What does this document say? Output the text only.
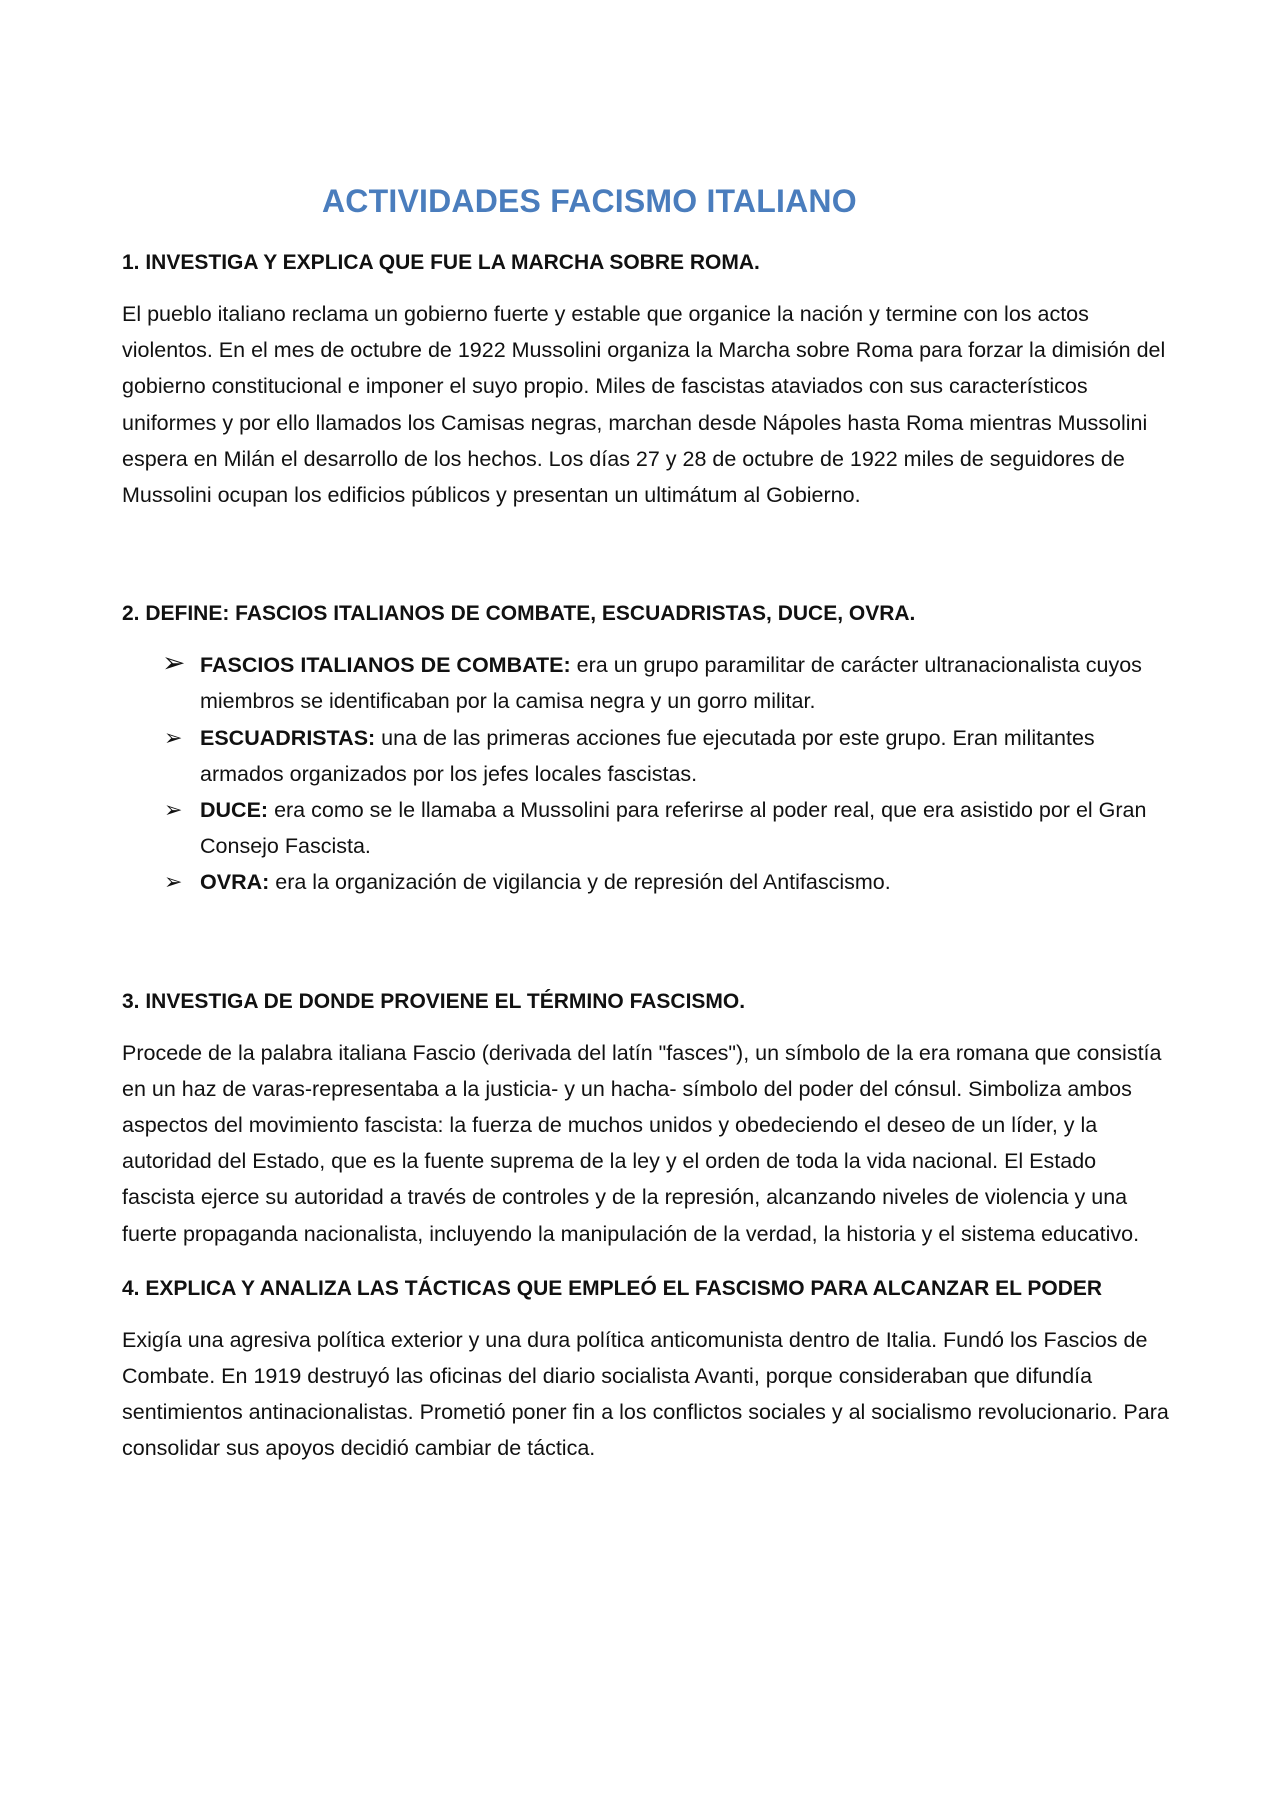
ACTIVIDADES FACISMO ITALIANO
1. INVESTIGA Y EXPLICA QUE FUE LA MARCHA SOBRE ROMA.

El pueblo italiano reclama un gobierno fuerte y estable que organice la nación y termine con los actos violentos. En el mes de octubre de 1922 Mussolini organiza la Marcha sobre Roma para forzar la dimisión del gobierno constitucional e imponer el suyo propio. Miles de fascistas ataviados con sus característicos uniformes y por ello llamados los Camisas negras, marchan desde Nápoles hasta Roma mientras Mussolini espera en Milán el desarrollo de los hechos. Los días 27 y 28 de octubre de 1922 miles de seguidores de Mussolini ocupan los edificios públicos y presentan un ultimátum al Gobierno.

2. DEFINE: FASCIOS ITALIANOS DE COMBATE, ESCUADRISTAS, DUCE, OVRA.
➢ FASCIOS ITALIANOS DE COMBATE: era un grupo paramilitar de carácter ultranacionalista cuyos miembros se identificaban por la camisa negra y un gorro militar.
➢ ESCUADRISTAS: una de las primeras acciones fue ejecutada por este grupo. Eran militantes armados organizados por los jefes locales fascistas.
➢ DUCE: era como se le llamaba a Mussolini para referirse al poder real, que era asistido por el Gran Consejo Fascista.
➢ OVRA: era la organización de vigilancia y de represión del Antifascismo.
3. INVESTIGA DE DONDE PROVIENE EL TÉRMINO FASCISMO.

Procede de la palabra italiana Fascio (derivada del latín "fasces"), un símbolo de la era romana que consistía en un haz de varas-representaba a la justicia- y un hacha- símbolo del poder del cónsul. Simboliza ambos aspectos del movimiento fascista: la fuerza de muchos unidos y obedeciendo el deseo de un líder, y la autoridad del Estado, que es la fuente suprema de la ley y el orden de toda la vida nacional. El Estado fascista ejerce su autoridad a través de controles y de la represión, alcanzando niveles de violencia y una fuerte propaganda nacionalista, incluyendo la manipulación de la verdad, la historia y el sistema educativo.

4. EXPLICA Y ANALIZA LAS TÁCTICAS QUE EMPLEÓ EL FASCISMO PARA ALCANZAR EL PODER

Exigía una agresiva política exterior y una dura política anticomunista dentro de Italia. Fundó los Fascios de Combate. En 1919 destruyó las oficinas del diario socialista Avanti, porque consideraban que difundía sentimientos antinacionalistas. Prometió poner fin a los conflictos sociales y al socialismo revolucionario. Para consolidar sus apoyos decidió cambiar de táctica.
